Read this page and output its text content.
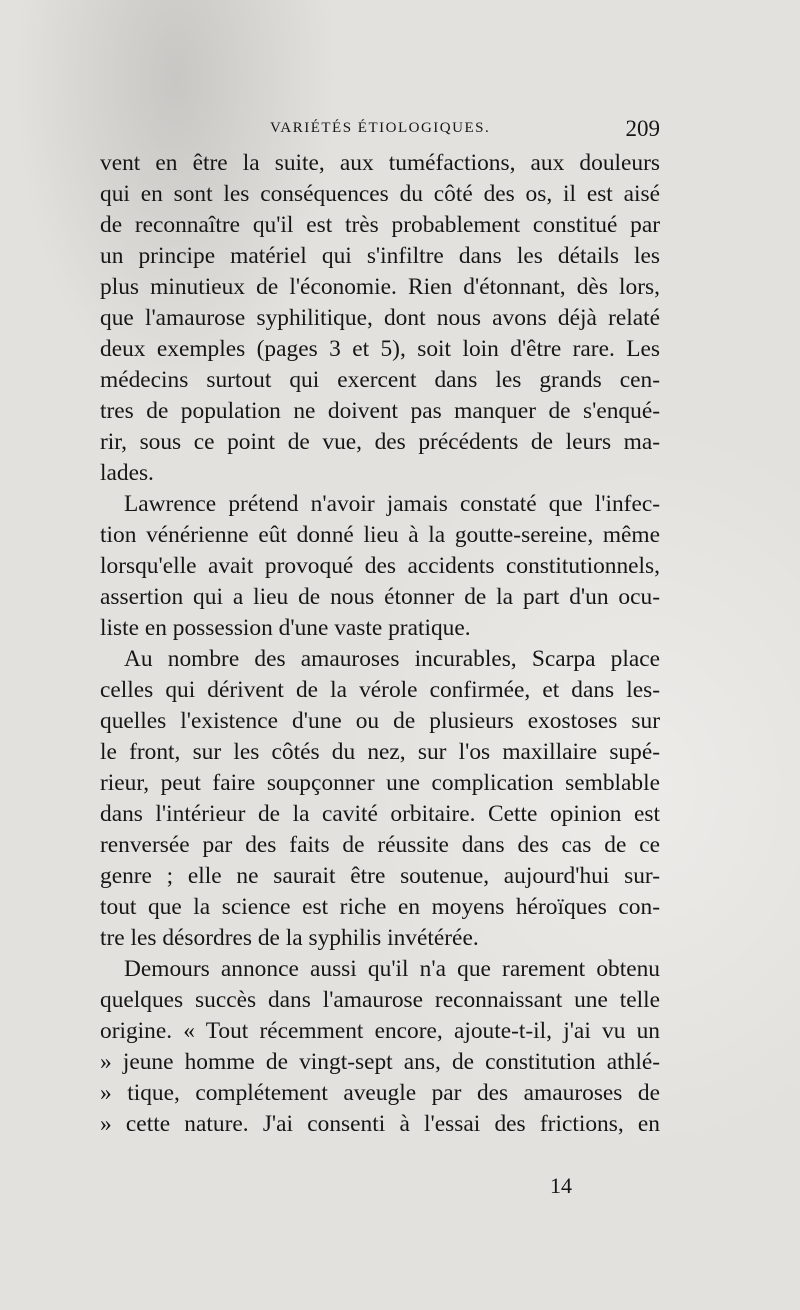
VARIÉTÉS ÉTIOLOGIQUES.	209

vent en être la suite, aux tuméfactions, aux douleurs
qui en sont les conséquences du côté des os, il est aisé
de reconnaître qu'il est très probablement constitué par
un principe matériel qui s'infiltre dans les détails les
plus minutieux de l'économie. Rien d'étonnant, dès lors,
que l'amaurose syphilitique, dont nous avons déjà relaté
deux exemples (pages 3 et 5), soit loin d'être rare. Les
médecins surtout qui exercent dans les grands cen-
tres de population ne doivent pas manquer de s'enqué-
rir, sous ce point de vue, des précédents de leurs ma-
lades.

Lawrence prétend n'avoir jamais constaté que l'infec-
tion vénérienne eût donné lieu à la goutte-sereine, même
lorsqu'elle avait provoqué des accidents constitutionnels,
assertion qui a lieu de nous étonner de la part d'un ocu-
liste en possession d'une vaste pratique.

Au nombre des amauroses incurables, Scarpa place
celles qui dérivent de la vérole confirmée, et dans les-
quelles l'existence d'une ou de plusieurs exostoses sur
le front, sur les côtés du nez, sur l'os maxillaire supé-
rieur, peut faire soupçonner une complication semblable
dans l'intérieur de la cavité orbitaire. Cette opinion est
renversée par des faits de réussite dans des cas de ce
genre ; elle ne saurait être soutenue, aujourd'hui sur-
tout que la science est riche en moyens héroïques con-
tre les désordres de la syphilis invétérée.

Demours annonce aussi qu'il n'a que rarement obtenu
quelques succès dans l'amaurose reconnaissant une telle
origine. « Tout récemment encore, ajoute-t-il, j'ai vu un
» jeune homme de vingt-sept ans, de constitution athlé-
» tique, complétement aveugle par des amauroses de
» cette nature. J'ai consenti à l'essai des frictions, en

14
